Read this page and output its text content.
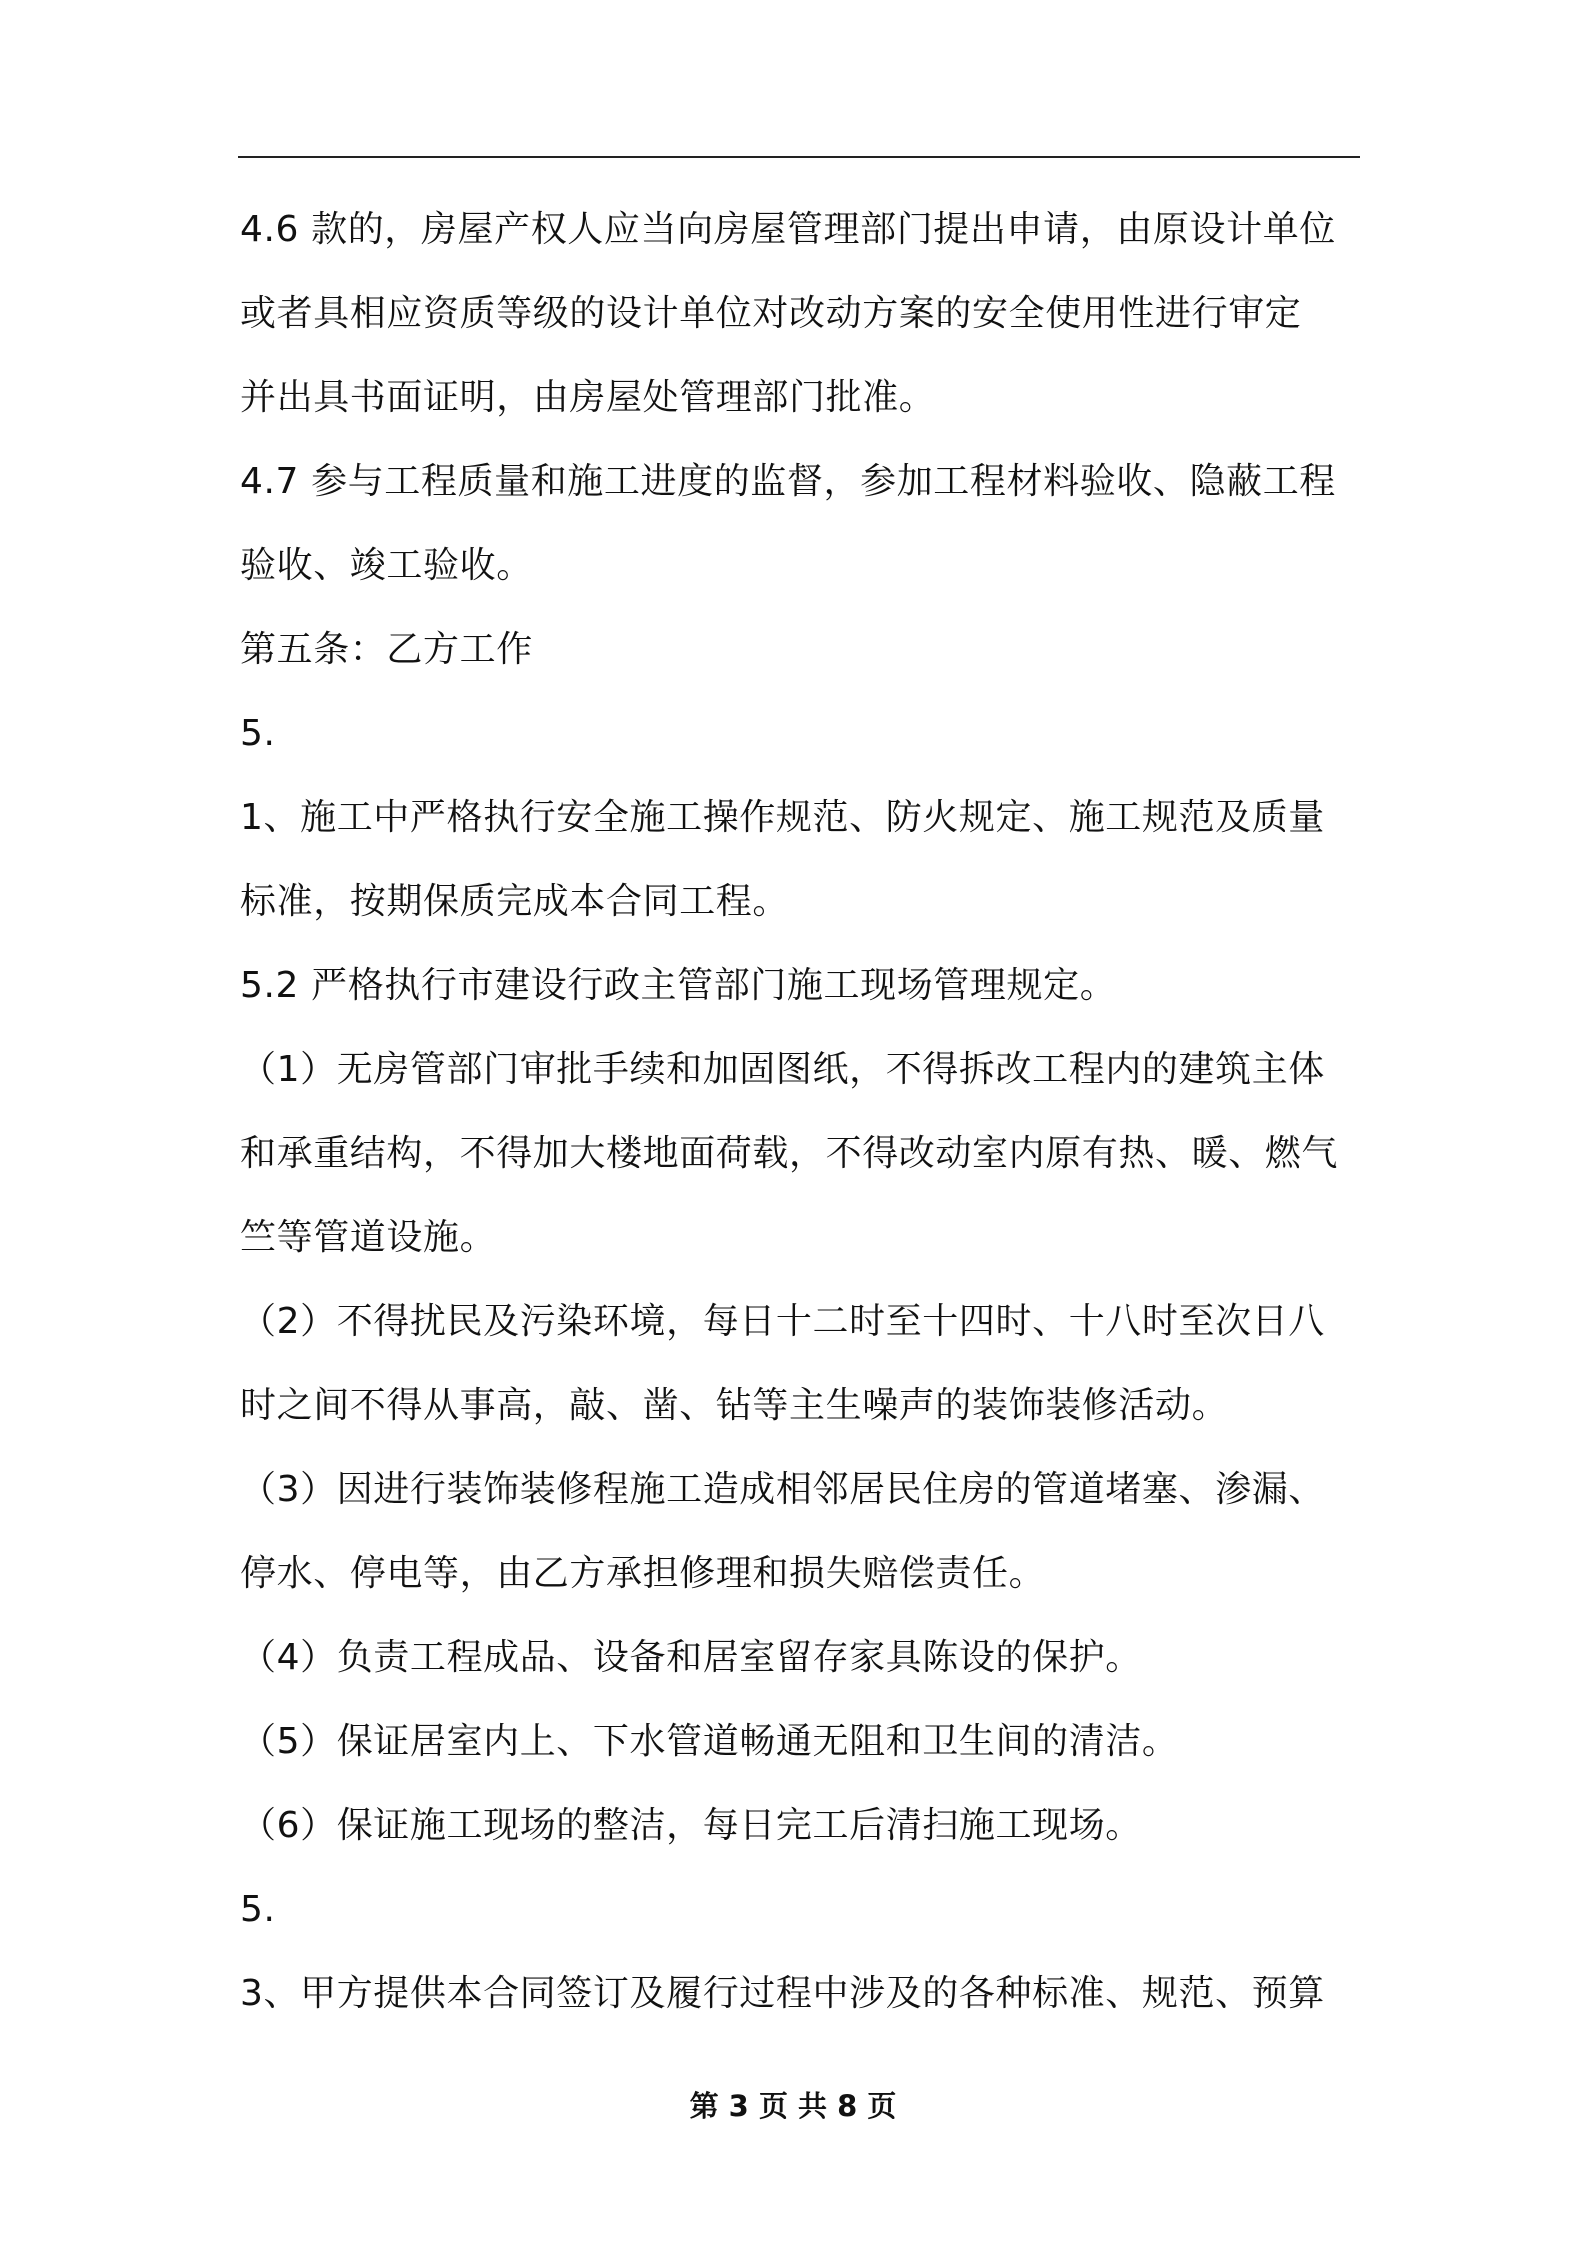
4.6 款的，房屋产权人应当向房屋管理部门提出申请，由原设计单位
或者具相应资质等级的设计单位对改动方案的安全使用性进行审定
并出具书面证明，由房屋处管理部门批准。
4.7 参与工程质量和施工进度的监督，参加工程材料验收、隐蔽工程
验收、竣工验收。
第五条：乙方工作
5.
1、施工中严格执行安全施工操作规范、防火规定、施工规范及质量
标准，按期保质完成本合同工程。
5.2 严格执行市建设行政主管部门施工现场管理规定。
（1）无房管部门审批手续和加固图纸，不得拆改工程内的建筑主体
和承重结构，不得加大楼地面荷载，不得改动室内原有热、暖、燃气
竺等管道设施。
（2）不得扰民及污染环境，每日十二时至十四时、十八时至次日八
时之间不得从事高，敲、凿、钻等主生噪声的装饰装修活动。
（3）因进行装饰装修程施工造成相邻居民住房的管道堵塞、渗漏、
停水、停电等，由乙方承担修理和损失赔偿责任。
（4）负责工程成品、设备和居室留存家具陈设的保护。
（5）保证居室内上、下水管道畅通无阻和卫生间的清洁。
（6）保证施工现场的整洁，每日完工后清扫施工现场。
5.
3、甲方提供本合同签订及履行过程中涉及的各种标准、规范、预算
第 3 页 共 8 页
